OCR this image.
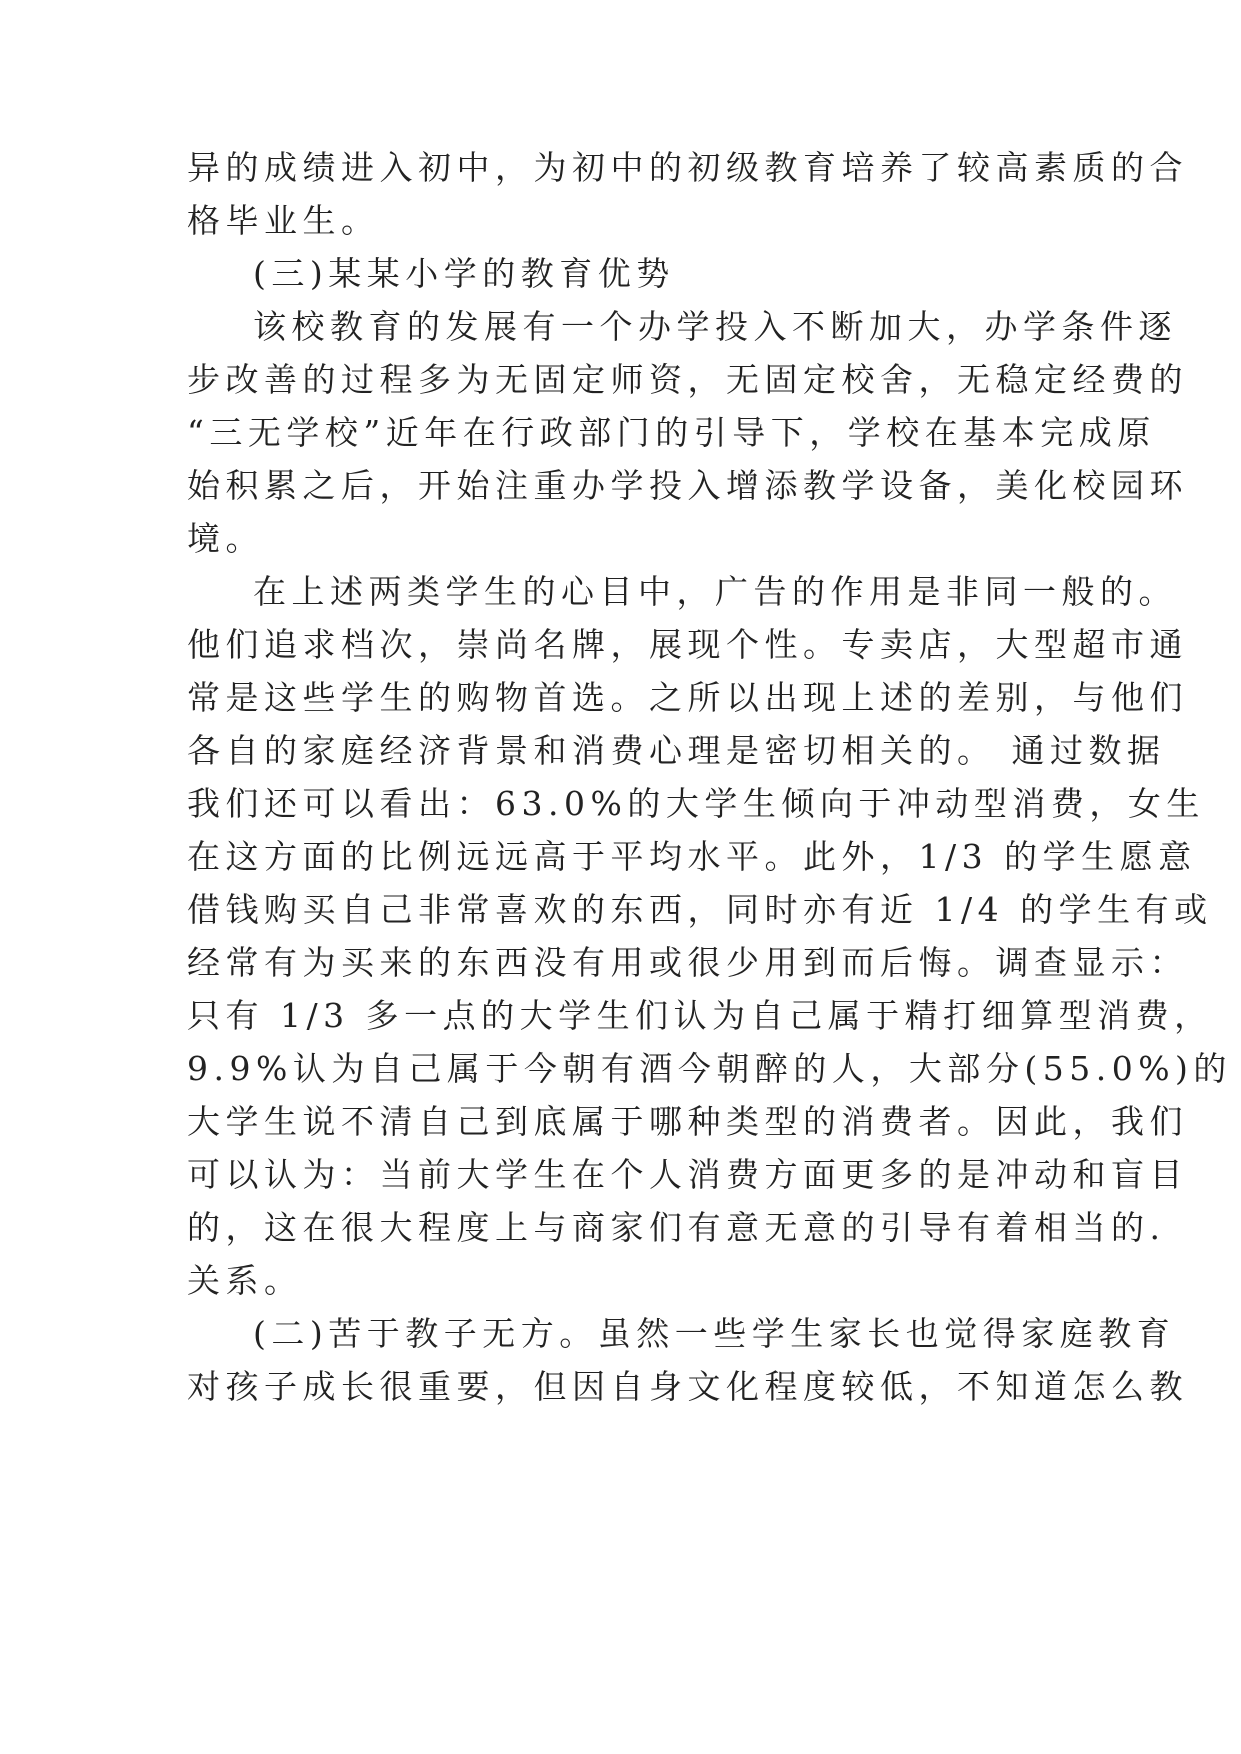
异的成绩进入初中，为初中的初级教育培养了较高素质的合

格毕业生。

(三)某某小学的教育优势

该校教育的发展有一个办学投入不断加大，办学条件逐

步改善的过程多为无固定师资，无固定校舍，无稳定经费的

“三无学校”近年在行政部门的引导下，学校在基本完成原

始积累之后，开始注重办学投入增添教学设备，美化校园环

境。

在上述两类学生的心目中，广告的作用是非同一般的。

他们追求档次，崇尚名牌，展现个性。专卖店，大型超市通

常是这些学生的购物首选。之所以出现上述的差别，与他们

各自的家庭经济背景和消费心理是密切相关的。 通过数据

我们还可以看出：63.0%的大学生倾向于冲动型消费，女生

在这方面的比例远远高于平均水平。此外，1/3 的学生愿意

借钱购买自己非常喜欢的东西，同时亦有近 1/4 的学生有或

经常有为买来的东西没有用或很少用到而后悔。调查显示：

只有 1/3 多一点的大学生们认为自己属于精打细算型消费，

9.9%认为自己属于今朝有酒今朝醉的人，大部分(55.0%)的

大学生说不清自己到底属于哪种类型的消费者。因此，我们

可以认为：当前大学生在个人消费方面更多的是冲动和盲目

的，这在很大程度上与商家们有意无意的引导有着相当的.

关系。

(二)苦于教子无方。虽然一些学生家长也觉得家庭教育

对孩子成长很重要，但因自身文化程度较低，不知道怎么教
